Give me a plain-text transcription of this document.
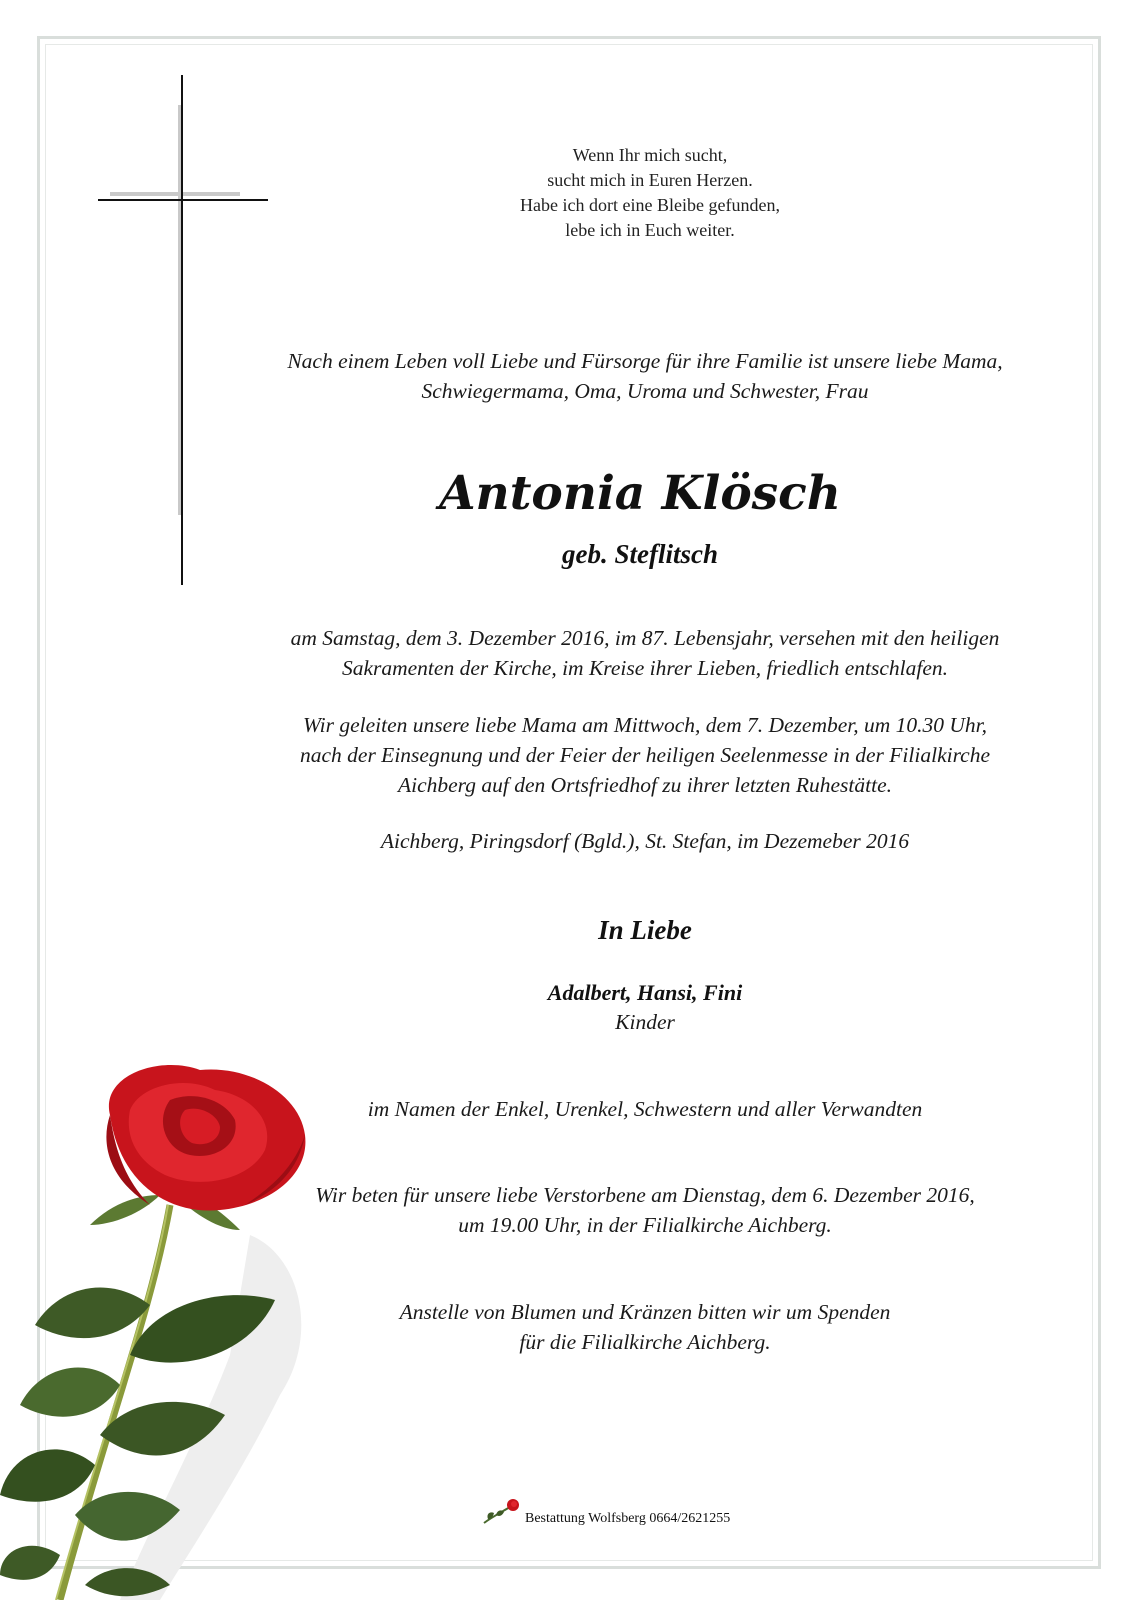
Wenn Ihr mich sucht,
sucht mich in Euren Herzen.
Habe ich dort eine Bleibe gefunden,
lebe ich in Euch weiter.
Nach einem Leben voll Liebe und Fürsorge für ihre Familie ist unsere liebe Mama,
Schwiegermama, Oma, Uroma und Schwester, Frau
Antonia Klösch
geb. Steflitsch
am Samstag, dem 3. Dezember 2016, im 87. Lebensjahr, versehen mit den heiligen
Sakramenten der Kirche, im Kreise ihrer Lieben, friedlich entschlafen.
Wir geleiten unsere liebe Mama am Mittwoch, dem 7. Dezember, um 10.30 Uhr,
nach der Einsegnung und der Feier der heiligen Seelenmesse in der Filialkirche
Aichberg auf den Ortsfriedhof zu ihrer letzten Ruhestätte.
Aichberg, Piringsdorf (Bgld.), St. Stefan, im Dezemeber 2016
In Liebe
Adalbert, Hansi, Fini
Kinder
im Namen der Enkel, Urenkel, Schwestern und aller Verwandten
Wir beten für unsere liebe Verstorbene am Dienstag, dem 6. Dezember 2016,
um 19.00 Uhr, in der Filialkirche Aichberg.
Anstelle von Blumen und Kränzen bitten wir um Spenden
für die Filialkirche Aichberg.
Bestattung Wolfsberg 0664/2621255
